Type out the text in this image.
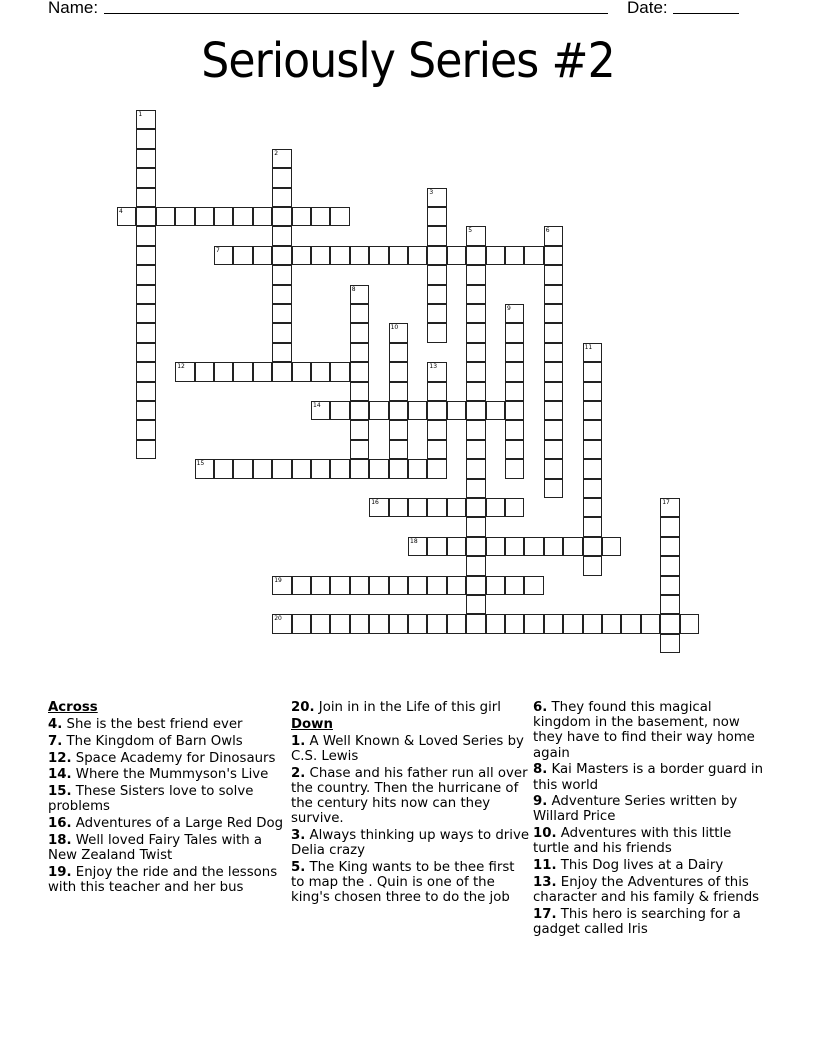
Name:	Date:
Seriously Series #2
1
2
3
4
5	6
7
8
9
10
11
12	13
14
15
16	17
18
19
20
Across
4. She is the best friend ever
7. The Kingdom of Barn Owls
12. Space Academy for Dinosaurs
14. Where the Mummyson's Live
15. These Sisters love to solve problems
16. Adventures of a Large Red Dog
18. Well loved Fairy Tales with a New Zealand Twist
19. Enjoy the ride and the lessons with this teacher and her bus
20. Join in in the Life of this girl
Down
1. A Well Known & Loved Series by C.S. Lewis
2. Chase and his father run all over the country. Then the hurricane of the century hits now can they survive.
3. Always thinking up ways to drive Delia crazy
5. The King wants to be thee first to map the . Quin is one of the king's chosen three to do the job
6. They found this magical kingdom in the basement, now they have to find their way home again
8. Kai Masters is a border guard in this world
9. Adventure Series written by Willard Price
10. Adventures with this little turtle and his friends
11. This Dog lives at a Dairy
13. Enjoy the Adventures of this character and his family & friends
17. This hero is searching for a gadget called Iris
